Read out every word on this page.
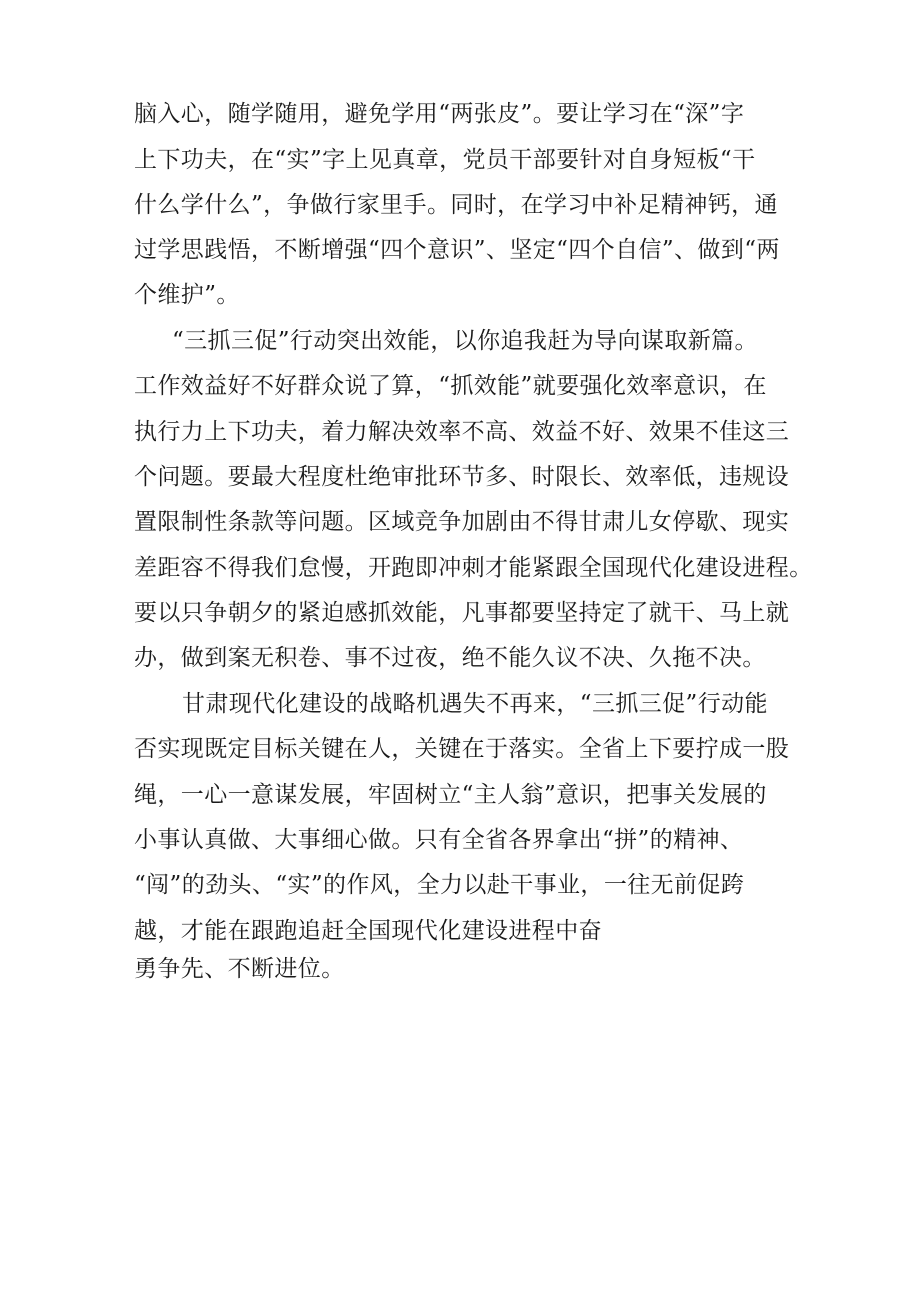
脑入心，随学随用，避免学用“两张皮”。要让学习在“深”字
上下功夫，在“实”字上见真章，党员干部要针对自身短板“干
什么学什么”，争做行家里手。同时，在学习中补足精神钙，通
过学思践悟，不断增强“四个意识”、坚定“四个自信”、做到“两
个维护”。
“三抓三促”行动突出效能，以你追我赶为导向谋取新篇。
工作效益好不好群众说了算，“抓效能”就要强化效率意识，在
执行力上下功夫，着力解决效率不高、效益不好、效果不佳这三
个问题。要最大程度杜绝审批环节多、时限长、效率低，违规设
置限制性条款等问题。区域竞争加剧由不得甘肃儿女停歇、现实
差距容不得我们怠慢，开跑即冲刺才能紧跟全国现代化建设进程。
要以只争朝夕的紧迫感抓效能，凡事都要坚持定了就干、马上就
办，做到案无积卷、事不过夜，绝不能久议不决、久拖不决。
甘肃现代化建设的战略机遇失不再来，“三抓三促”行动能
否实现既定目标关键在人，关键在于落实。全省上下要拧成一股
绳，一心一意谋发展，牢固树立“主人翁”意识，把事关发展的
小事认真做、大事细心做。只有全省各界拿出“拼”的精神、
“闯”的劲头、“实”的作风，全力以赴干事业，一往无前促跨
越，才能在跟跑追赶全国现代化建设进程中奋
勇争先、不断进位。
